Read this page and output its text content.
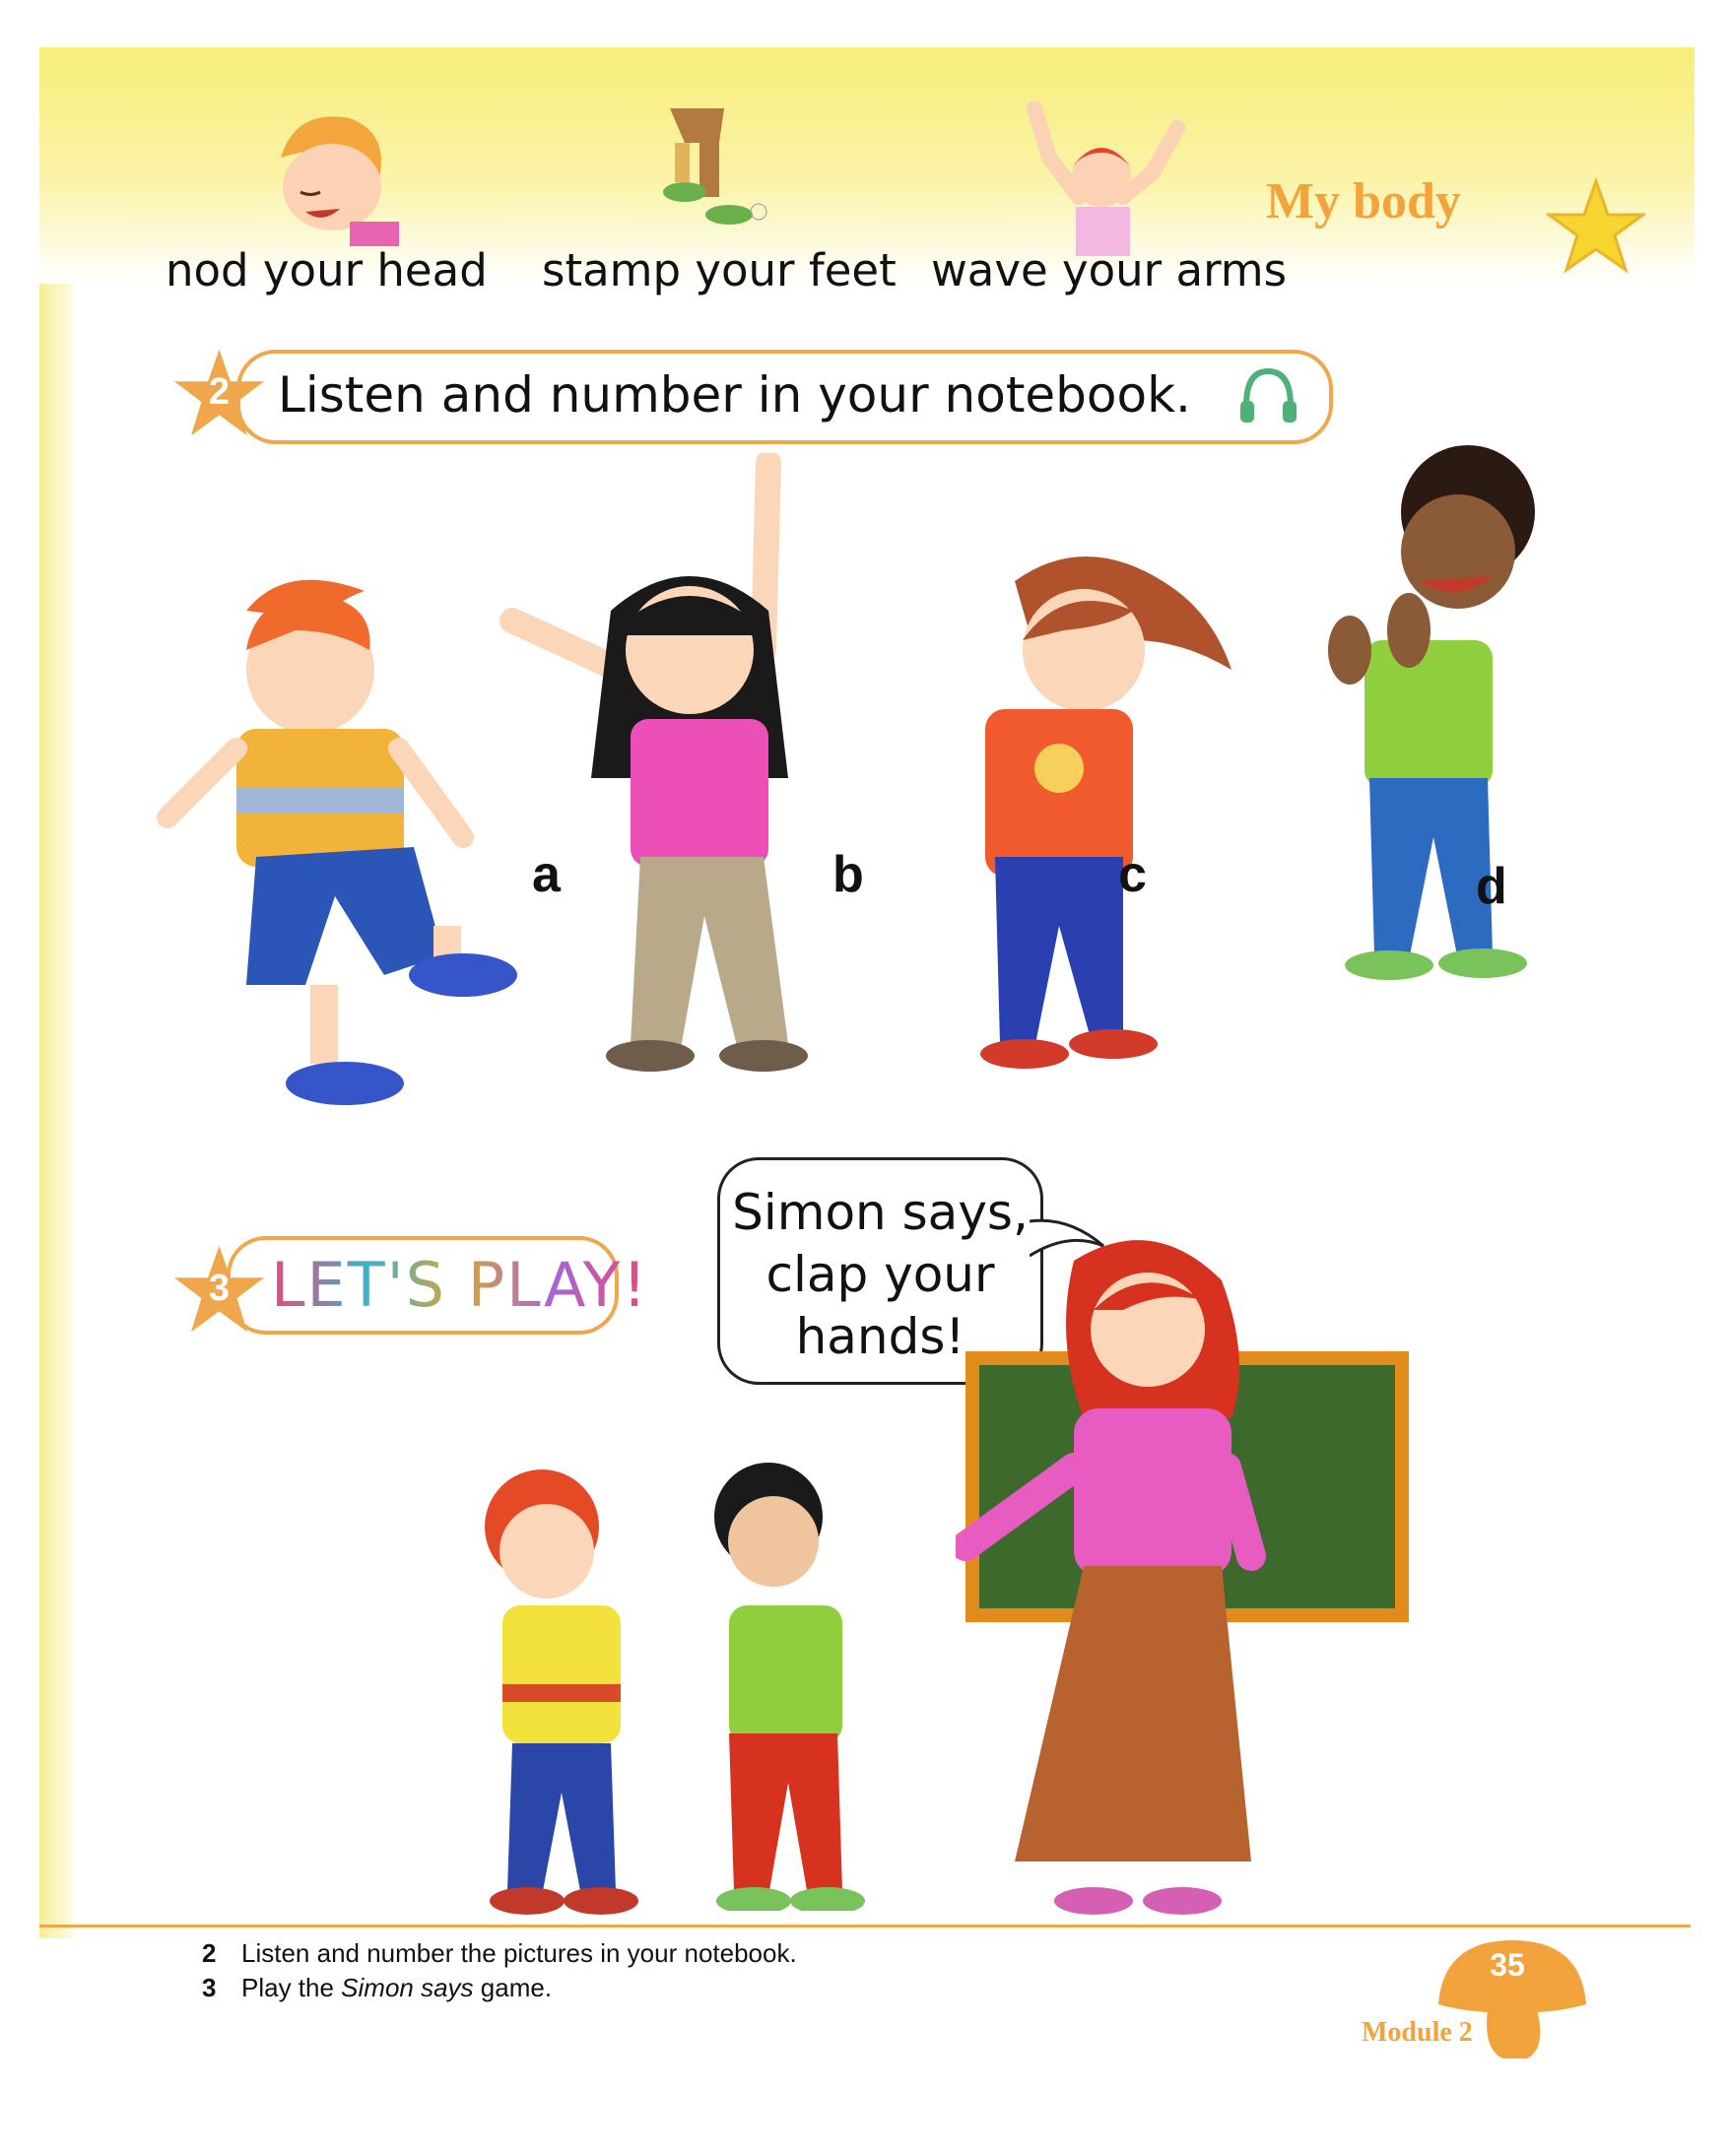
My body
nod your head stamp your feet wave your arms
2 Listen and number in your notebook.
a	b	c	d
3 LET'S PLAY!
Simon says,
clap your
hands!
2 Listen and number the pictures in your notebook.
3 Play the Simon says game.
35
Module 2
